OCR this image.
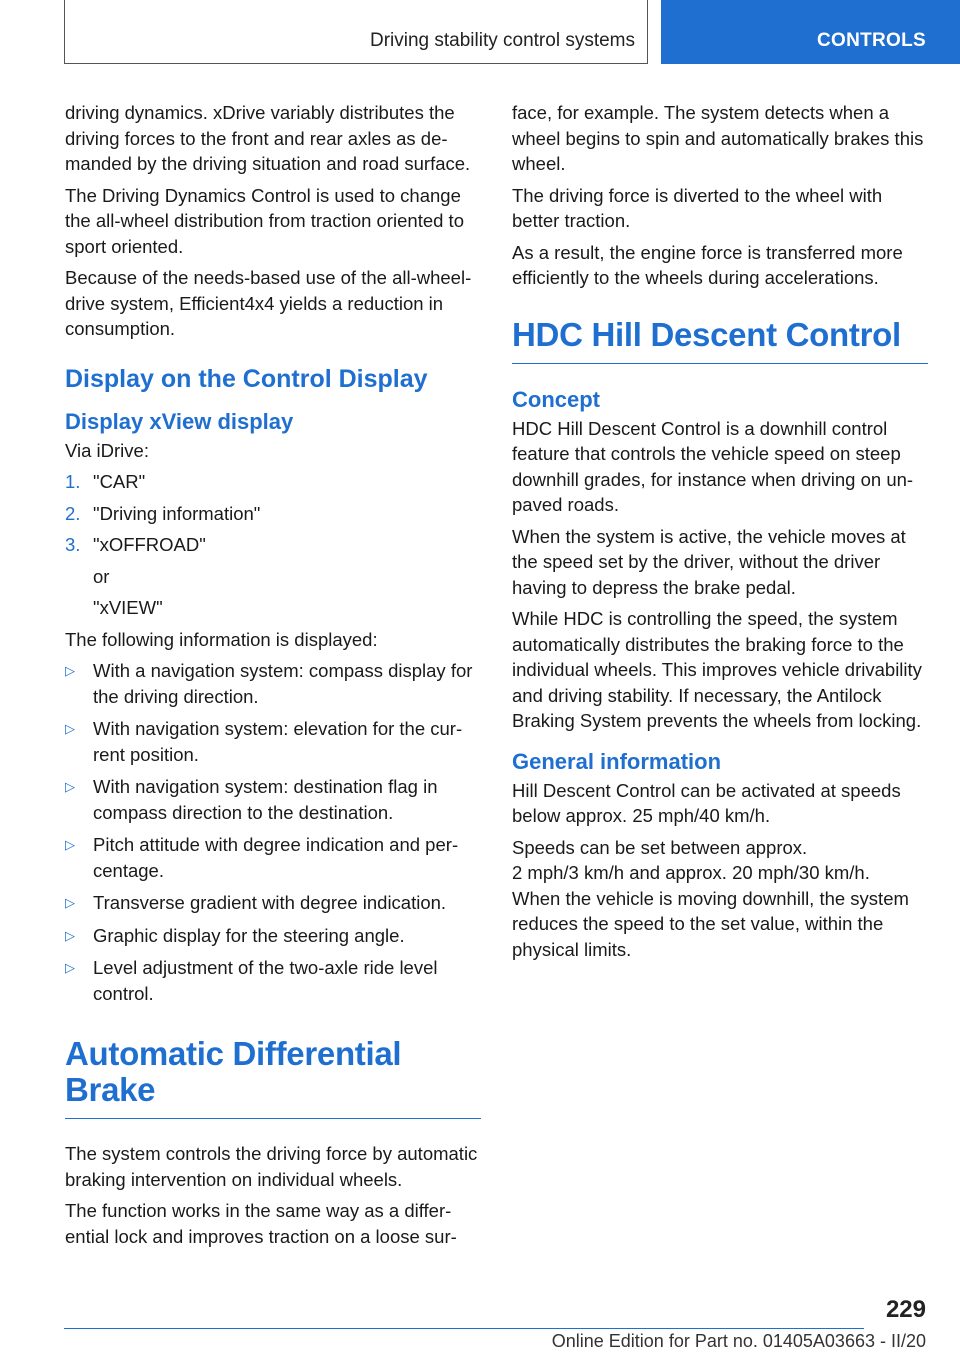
Driving stability control systems	CONTROLS

driving dynamics. xDrive variably distributes the driving forces to the front and rear axles as demanded by the driving situation and road surface.

The Driving Dynamics Control is used to change the all-wheel distribution from traction oriented to sport oriented.

Because of the needs-based use of the all-wheel-drive system, Efficient4x4 yields a reduction in consumption.

Display on the Control Display
Display xView display

Via iDrive:

1. "CAR"
2. "Driving information"
3. "xOFFROAD"

or

"xVIEW"

The following information is displayed:

▷ With a navigation system: compass display for the driving direction.
▷ With navigation system: elevation for the current position.
▷ With navigation system: destination flag in compass direction to the destination.
▷ Pitch attitude with degree indication and percentage.
▷ Transverse gradient with degree indication.
▷ Graphic display for the steering angle.
▷ Level adjustment of the two-axle ride level control.
Automatic Differential Brake

The system controls the driving force by automatic braking intervention on individual wheels.

The function works in the same way as a differential lock and improves traction on a loose sur-

face, for example. The system detects when a wheel begins to spin and automatically brakes this wheel.

The driving force is diverted to the wheel with better traction.

As a result, the engine force is transferred more efficiently to the wheels during accelerations.

HDC Hill Descent Control
Concept

HDC Hill Descent Control is a downhill control feature that controls the vehicle speed on steep downhill grades, for instance when driving on unpaved roads.

When the system is active, the vehicle moves at the speed set by the driver, without the driver having to depress the brake pedal.

While HDC is controlling the speed, the system automatically distributes the braking force to the individual wheels. This improves vehicle drivability and driving stability. If necessary, the Antilock Braking System prevents the wheels from locking.

General information

Hill Descent Control can be activated at speeds below approx. 25 mph/40 km/h.

Speeds can be set between approx.
2 mph/3 km/h and approx. 20 mph/30 km/h.
When the vehicle is moving downhill, the system reduces the speed to the set value, within the physical limits.

229
Online Edition for Part no. 01405A03663 - II/20
